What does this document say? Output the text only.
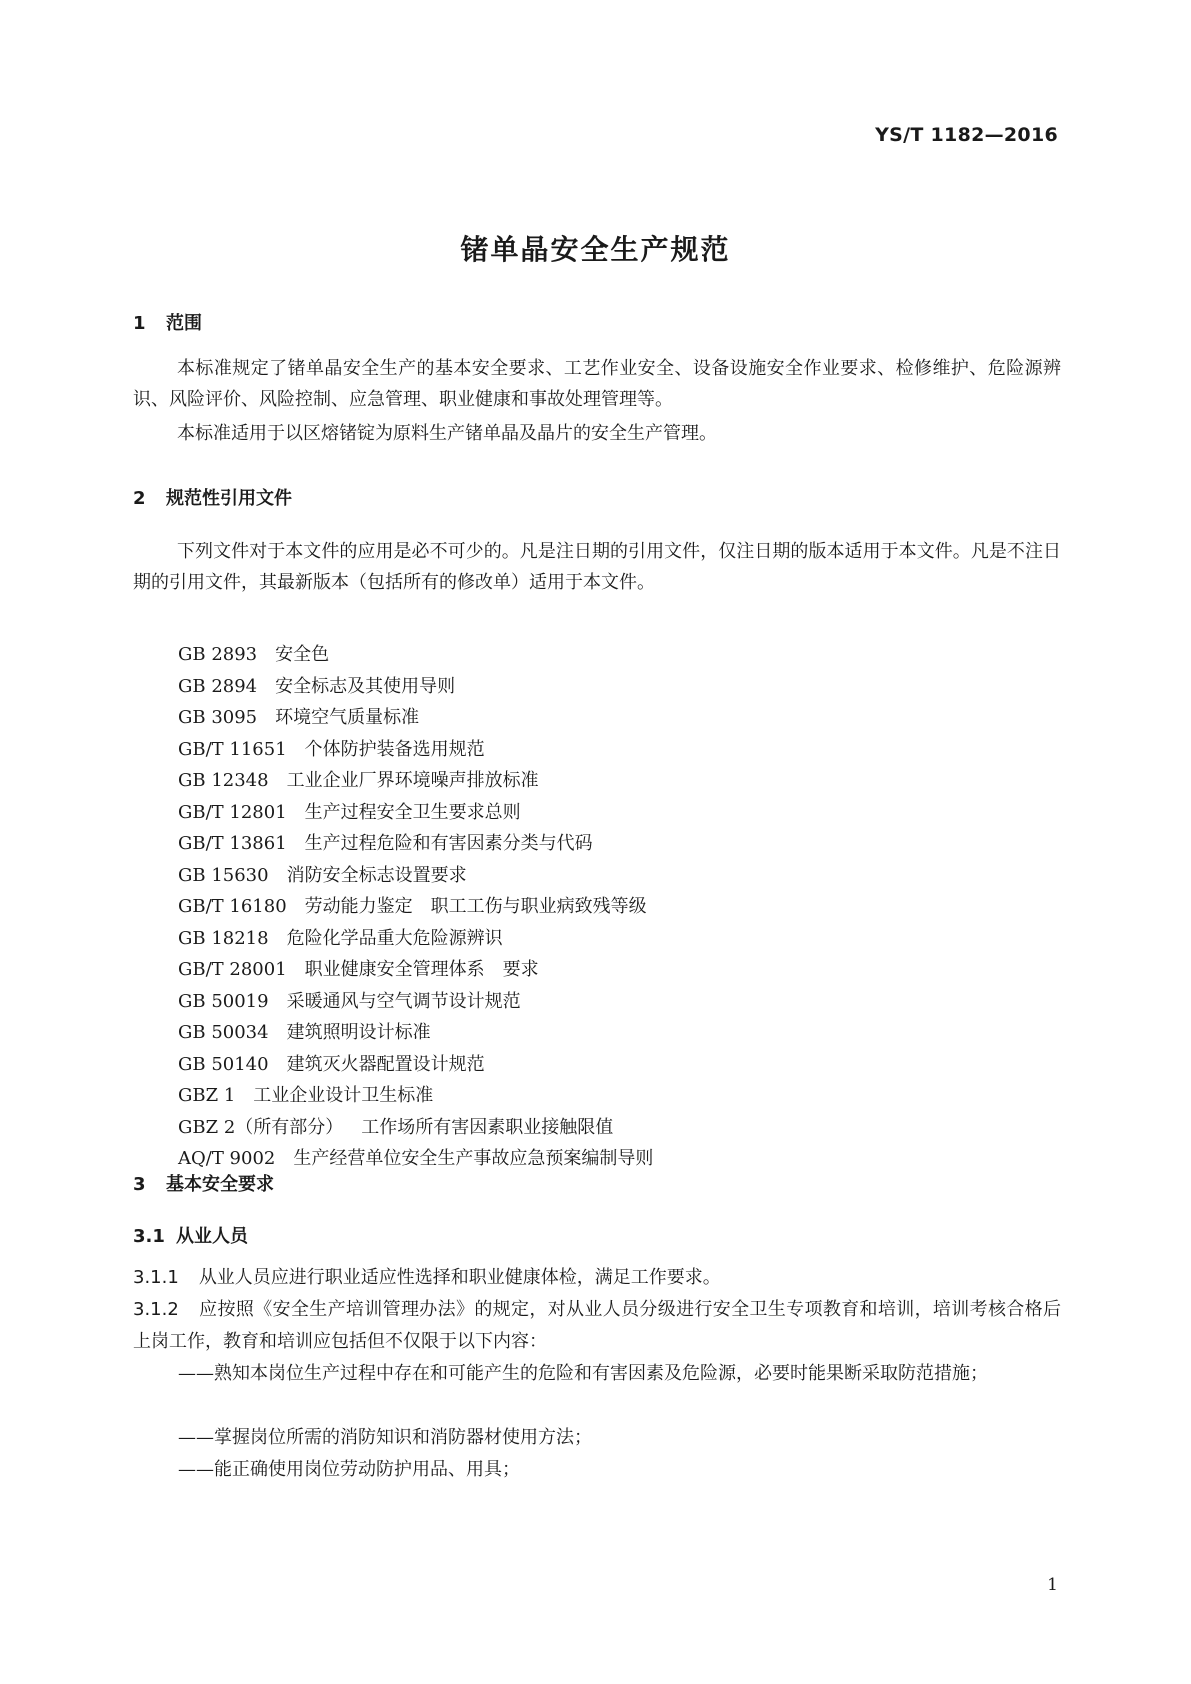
YS/T 1182—2016
锗单晶安全生产规范
1 范围

本标准规定了锗单晶安全生产的基本安全要求、工艺作业安全、设备设施安全作业要求、检修维护、危险源辨识、风险评价、风险控制、应急管理、职业健康和事故处理管理等。

本标准适用于以区熔锗锭为原料生产锗单晶及晶片的安全生产管理。

2 规范性引用文件

下列文件对于本文件的应用是必不可少的。凡是注日期的引用文件，仅注日期的版本适用于本文件。凡是不注日期的引用文件，其最新版本（包括所有的修改单）适用于本文件。

GB 2893 安全色
GB 2894 安全标志及其使用导则
GB 3095 环境空气质量标准
GB/T 11651 个体防护装备选用规范
GB 12348 工业企业厂界环境噪声排放标准
GB/T 12801 生产过程安全卫生要求总则
GB/T 13861 生产过程危险和有害因素分类与代码
GB 15630 消防安全标志设置要求
GB/T 16180 劳动能力鉴定　职工工伤与职业病致残等级
GB 18218 危险化学品重大危险源辨识
GB/T 28001 职业健康安全管理体系　要求
GB 50019 采暖通风与空气调节设计规范
GB 50034 建筑照明设计标准
GB 50140 建筑灭火器配置设计规范
GBZ 1 工业企业设计卫生标准
GBZ 2（所有部分） 工作场所有害因素职业接触限值
AQ/T 9002 生产经营单位安全生产事故应急预案编制导则
3 基本安全要求
3.1 从业人员

3.1.1 从业人员应进行职业适应性选择和职业健康体检，满足工作要求。

3.1.2 应按照《安全生产培训管理办法》的规定，对从业人员分级进行安全卫生专项教育和培训，培训考核合格后上岗工作，教育和培训应包括但不仅限于以下内容：

——熟知本岗位生产过程中存在和可能产生的危险和有害因素及危险源，必要时能果断采取防范措施；

——掌握岗位所需的消防知识和消防器材使用方法；

——能正确使用岗位劳动防护用品、用具；

1
